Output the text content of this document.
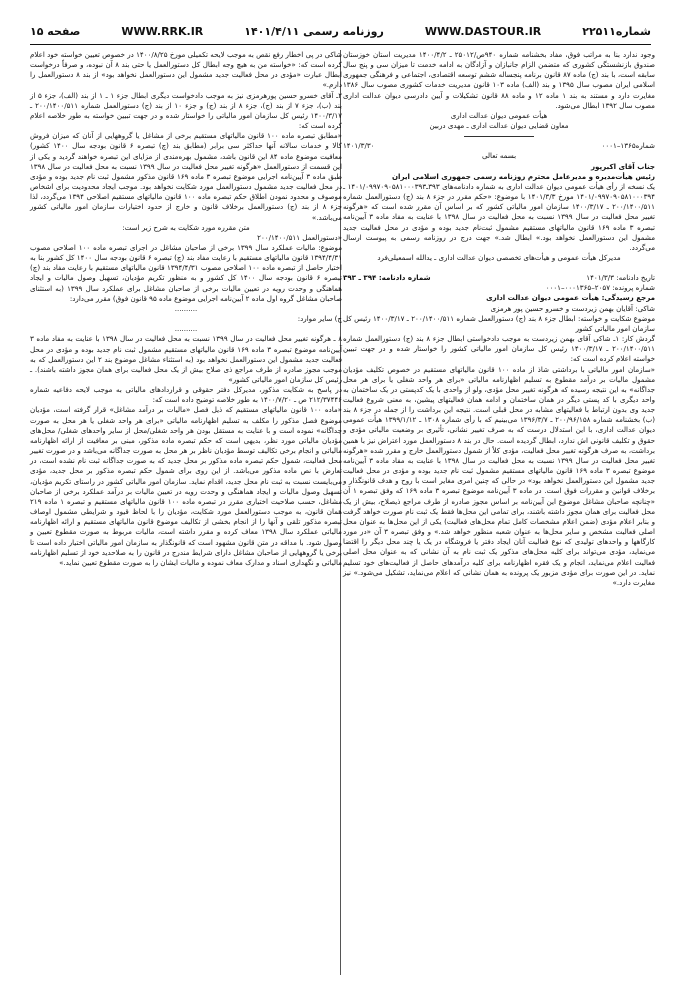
صفحه ۱۵	WWW.RRK.IR	روزنامه رسمی ۱۴۰۱/۴/۱۱	WWW.DASTOUR.IR	شماره۲۲۵۱۱

وجود ندارد بنا به مراتب فوق، مفاد بخشنامه شماره ۹۴۰ص/۲۵۰۱۲ ـ ۱۴۰۰/۴/۲ مدیریت استان خوزستان صندوق بازنشستگی کشوری که متضمن الزام جانبازان و آزادگان به ادامه خدمت تا میزان سی و پنج سال سابقه است، با بند (ج) ماده ۸۷ قانون برنامه پنجساله ششم توسعه اقتصادی، اجتماعی و فرهنگی جمهوری اسلامی ایران مصوب سال ۱۳۹۵ و بند (الف) ماده ۱۰۳ قانون مدیریت خدمات کشوری مصوب سال ۱۳۸۶ مغایرت دارد و مستند به بند ۱ ماده ۱۲ و ماده ۸۸ قانون تشکیلات و آیین دادرسی دیوان عدالت اداری مصوب سال ۱۳۹۲ ابطال می‌شود.

هیأت عمومی دیوان عدالت اداری

معاون قضایی دیوان عدالت اداری ـ مهدی دربین

شماره۱۳۶۵–۰۰۰۱
۱۴۰۱/۳/۳۰

بسمه تعالی

جناب آقای اکبرپور

رئیس هیأت‌مدیره و مدیرعامل محترم روزنامه رسمی جمهوری اسلامی ایران

یک نسخه از رأی هیأت عمومی دیوان عدالت اداری به شماره دادنامه‌های ۳۹۳ـ۱۴۰۱/۰۹۹۷۰۹۰۵۸۱۰۰۰۳۹۳ ـ ۱۴۰۱/۰۹۹۷۰۹۰۵۸۱۰۰۰۳۹۴ مورخ ۱۴۰۱/۳/۳ با موضوع: «حکم مقرر در جزء ۸ بند (ج) دستورالعمل شماره ۲۰۰/۱۴۰۰/۵۱۱ ـ ۱۴۰۰/۳/۱۷ سازمان امور مالیاتی کشور که بر اساس آن مقرر شده است که «هرگونه تغییر محل فعالیت در سال ۱۳۹۹ نسبت به محل فعالیت در سال ۱۳۹۸ با عنایت به مفاد ماده ۳ آیین‌نامه تبصره ۳ ماده ۱۶۹ قانون مالیاتهای مستقیم مشمول ثبت‌نام جدید بوده و مؤدی در محل فعالیت جدید مشمول این دستورالعمل نخواهد بود.» ابطال شد.» جهت درج در روزنامه رسمی به پیوست ارسال می‌گردد.

مدیرکل هیأت عمومی و هیأت‌های تخصصی دیوان عدالت اداری ـ یدالله اسمعیلی‌فرد

تاریخ دادنامه: ۱۴۰۱/۳/۳
شماره دادنامه: ۳۹۴ ـ ۳۹۳

شماره پرونده: ۲۰۵۷–۰۰۰۱۳۶۵–۰۰۰۱

مرجع رسیدگی: هیأت عمومی دیوان عدالت اداری

شاکی: آقایان بهمن زیردست و خسرو حسین پور هرمزی

موضوع شکایت و خواسته: ابطال جزء ۸ بند (ج) دستورالعمل شماره ۲۰۰/۱۴۰۰/۵۱۱ ـ ۱۴۰۰/۳/۱۷ رئیس کل سازمان امور مالیاتی کشور

گردش کار: ۱ـ شاکی آقای بهمن زیردست به موجب دادخواستی ابطال جزء ۸ بند (ج) دستورالعمل شماره ۲۰۰/۱۴۰۰/۵۱۱ ـ ۱۴۰۰/۳/۱۷ رئیس کل سازمان امور مالیاتی کشور را خواستار شده و در جهت تبیین خواسته اعلام کرده است که:

«سازمان امور مالیاتی با برداشتی شاذ از ماده ۱۰۰ قانون مالیاتهای مستقیم در خصوص تکلیف مؤدیان مشمول مالیات بر درآمد مقطوع به تسلیم اظهارنامه مالیاتی «برای هر واحد شغلی یا برای هر محل جداگانه» به این نتیجه رسیده که هرگونه تغییر محل مؤدی، ولو از واحدی با یک کدپستی در یک ساختمان به واحد دیگری با کد پستی دیگر در همان ساختمان و ادامه همان فعالیتهای پیشین، به معنی شروع فعالیت جدید وی بدون ارتباط با فعالیتهای مشابه در محل قبلی است. نتیجه این برداشت را از جمله در جزء ۸ بند (ب) بخشنامه شماره ۲۰۰/۹۶/۱۵۸ ـ ۱۳۹۶/۳/۷ می‌بینیم که با رأی شماره ۱۳۰۸ ـ ۱۳۹۹/۱/۱۲ هیأت عمومی دیوان عدالت اداری، با این استدلال درست که به صرف تغییر نشانی، تأثیری بر وضعیت مالیاتی مؤدی و حقوق و تکلیف قانونی اش ندارد، ابطال گردیده است. حال در بند ۸ دستورالعمل مورد اعتراض نیز با همین برداشت، به صرف هرگونه تغییر محل فعالیت، مؤدی کلاً از شمول دستورالعمل خارج و مقرر شده «هرگونه تغییر محل فعالیت در سال ۱۳۹۹ نسبت به محل فعالیت در سال ۱۳۹۸ با عنایت به مفاد ماده ۳ آیین‌نامه موضوع تبصره ۳ ماده ۱۶۹ قانون مالیاتهای مستقیم مشمول ثبت نام جدید بوده و مؤدی در محل فعالیت جدید مشمول این دستورالعمل نخواهد بود» در حالی که چنین امری مغایر است با روح و هدف قانونگذار و برخلاف قوانین و مقررات فوق است. در ماده ۳ آیین‌نامه موضوع تبصره ۳ ماده ۱۶۹ که وفق تبصره ۱ آن «چنانچه صاحبان مشاغل موضوع این آیین‌نامه بر اساس مجوز صادره از طرف مراجع ذیصلاح، بیش از یک محل فعالیت برای همان مجوز داشته باشند، برای تمامی این محل‌ها فقط یک ثبت نام صورت خواهد گرفت و بنابر اعلام مؤدی (ضمن اعلام مشخصات کامل تمام محل‌های فعالیت) یکی از این محل‌ها به عنوان محل اصلی فعالیت مشخص و سایر محل‌ها به عنوان شعبه منظور خواهد شد.» و وفق تبصره ۳ آن «در مورد کارگاهها و واحدهای تولیدی که نوع فعالیت آنان ایجاد دفتر یا فروشگاه در یک یا چند محل دیگر را اقتضا می‌نماید، مؤدی می‌تواند برای کلیه محل‌های مذکور یک ثبت نام به آن نشانی که به عنوان محل اصلی فعالیت اعلام می‌نماید، انجام و یک فقره اظهارنامه برای کلیه درآمدهای حاصل از فعالیت‌های خود تسلیم نماید. در این صورت برای مؤدی مزبور یک پرونده به همان نشانی که اعلام می‌نماید، تشکیل می‌شود.» نیز مغایرت دارد.»

شاکی در پی اخطار رفع نقص به موجب لایحه تکمیلی مورخ ۱۴۰۰/۸/۲۵ در خصوص تعیین خواسته خود اعلام کرده است که: «خواسته من به هیچ وجه ابطال کل دستورالعمل یا حتی بند ۸ آن نبوده، و صرفاً درخواست ابطال عبارت «مؤدی در محل فعالیت جدید مشمول این دستورالعمل نخواهد بود» از بند ۸ دستورالعمل را دارم.»

۲ـ آقای خسرو حسین پورهرمزی نیز به موجب دادخواست دیگری ابطال جزء ۱ ـ ۱ از بند (الف)، جزء ۵ از بند (ب)، جزء ۷ از بند (ج)، جزء ۸ از بند (ج) و جزء ۱۰ از بند (ج) دستورالعمل شماره ۲۰۰/۱۴۰۰/۵۱۱ ـ ۱۴۰۰/۳/۱۷ رئیس کل سازمان امور مالیاتی را خواستار شده و در جهت تبیین خواسته به طور خلاصه اعلام کرده است که:

«مطابق تبصره ماده ۱۰۰ قانون مالیاتهای مستقیم برخی از مشاغل یا گروههایی از آنان که میزان فروش کالا و خدمات سالانه آنها حداکثر سی برابر (مطابق بند (چ) تبصره ۶ قانون بودجه سال ۱۴۰۰ کشور) معافیت موضوع ماده ۸۴ این قانون باشد، مشمول بهره‌مندی از مزایای این تبصره خواهند گردید و یکی از این قسمت از دستورالعمل «هرگونه تغییر محل فعالیت در سال ۱۳۹۹ نسبت به محل فعالیت در سال ۱۳۹۸ طبق ماده ۳ آیین‌نامه اجرایی موضوع تبصره ۳ ماده ۱۶۹ قانون مذکور مشمول ثبت نام جدید بوده و مؤدی در محل فعالیت جدید مشمول دستورالعمل مورد شکایت نخواهد بود. موجب ایجاد محدودیت برای اشخاص موصوف و محدود نمودن اطلاق حکم تبصره ماده ۱۰۰ قانون مالیاتهای مستقیم اصلاحی ۱۳۹۴ می‌گردد، لذا جزء ۸ از بند (ج) دستورالعمل برخلاف قانون و خارج از حدود اختیارات سازمان امور مالیاتی کشور می‌باشد.»

متن مقرره مورد شکایت به شرح زیر است:

«دستورالعمل ۲۰۰/۱۴۰۰/۵۱۱

موضوع: مالیات عملکرد سال ۱۳۹۹ برخی از صاحبان مشاغل در اجرای تبصره ماده ۱۰۰ اصلاحی مصوب ۱۳۹۴/۴/۳۱ قانون مالیاتهای مستقیم با رعایت مفاد بند (چ) تبصره ۶ قانون بودجه سال ۱۴۰۰ کل کشور بنا به اختیار حاصل از تبصره ماده ۱۰۰ اصلاحی مصوب ۱۳۹۴/۴/۳۱ قانون مالیاتهای مستقیم با رعایت مفاد بند (چ) تبصره ۶ قانون بودجه سال ۱۴۰۰ کل کشور و به منظور تکریم مؤدیان، تسهیل وصول مالیات و ایجاد هماهنگی و وحدت رویه در تعیین مالیات برخی از صاحبان مشاغل برای عملکرد سال ۱۳۹۹ (به استثنای صاحبان مشاغل گروه اول ماده ۲ آیین‌نامه اجرایی موضوع ماده ۹۵ قانون فوق) مقرر می‌دارد:

..........

ج) سایر موارد:

..........

۸ ـ هرگونه تغییر محل فعالیت در سال ۱۳۹۹ نسبت به محل فعالیت در سال ۱۳۹۸ با عنایت به مفاد ماده ۳ آیین‌نامه موضوع تبصره ۳ ماده ۱۶۹ قانون مالیاتهای مستقیم مشمول ثبت نام جدید بوده و مؤدی در محل فعالیت جدید مشمول این دستورالعمل نخواهد بود (به استثناء مشاغل موضوع بند ۲ این دستورالعمل که به موجب مجوز صادره از طرف مراجع ذی صلاح بیش از یک محل فعالیت برای همان مجوز داشته باشند). ـ رئیس کل سازمان امور مالیاتی کشور»

در پاسخ به شکایت مذکور، مدیرکل دفتر حقوقی و قراردادهای مالیاتی به موجب لایحه دفاعیه شماره ۲۱۲/۳۷۴۴۶ ص ـ ۱۴۰۰/۷/۲۰ به طور خلاصه توضیح داده است که:

«ماده ۱۰۰ قانون مالیاتهای مستقیم که ذیل فصل «مالیات بر درآمد مشاغل» قرار گرفته است، مؤدیان موضوع فصل مذکور را مکلف به تسلیم اظهارنامه مالیاتی «برای هر واحد شغلی یا هر محل به صورت جداگانه» نموده است و با عنایت به مستقل بودن هر واحد شغلی/محل از سایر واحدهای شغلی/ محل‌های مؤدیان مالیاتی مورد نظر، بدیهی است که حکم تبصره ماده مذکور، مبنی بر معافیت از ارائه اظهارنامه مالیاتی و انجام برخی تکالیف توسط مؤدیان ناظر بر هر محل به صورت جداگانه می‌باشد و در صورت تغییر محل فعالیت، شمول حکم تبصره ماده مذکور بر محل جدید که به صورت جداگانه ثبت نام نشده است، در تعارض با نص ماده مذکور می‌باشد. از این روی برای شمول حکم تبصره مذکور بر محل جدید، مؤدی می‌بایست نسبت به ثبت نام محل جدید، اقدام نماید. سازمان امور مالیاتی کشور در راستای تکریم مؤدیان، تسهیل وصول مالیات و ایجاد هماهنگی و وحدت رویه در تعیین مالیات بر درآمد عملکرد برخی از صاحبان مشاغل، حسب صلاحیت اختیاری مقرر در تبصره ماده ۱۰۰ قانون مالیاتهای مستقیم و تبصره ۱ ماده ۲۱۹ همان قانون، به موجب دستورالعمل مورد شکایت، مؤدیان را با لحاظ قیود و شرایطی مشمول اوصاف تبصره مذکور تلقی و آنها را از انجام بخشی از تکالیف موضوع قانون مالیاتهای مستقیم و ارائه اظهارنامه مالیاتی عملکرد سال ۱۳۹۸ معاف کرده و مقرر داشته است، مالیات مربوط به صورت مقطوع تعیین و وصول شود. با مداقه در متن قانون مشهود است که قانونگذار به سازمان امور مالیاتی اختیار داده است تا برخی یا گروههایی از صاحبان مشاغل دارای شرایط مندرج در قانون را به صلاحدید خود از تسلیم اظهارنامه مالیاتی و نگهداری اسناد و مدارک معاف نموده و مالیات ایشان را به صورت مقطوع تعیین نماید.»
